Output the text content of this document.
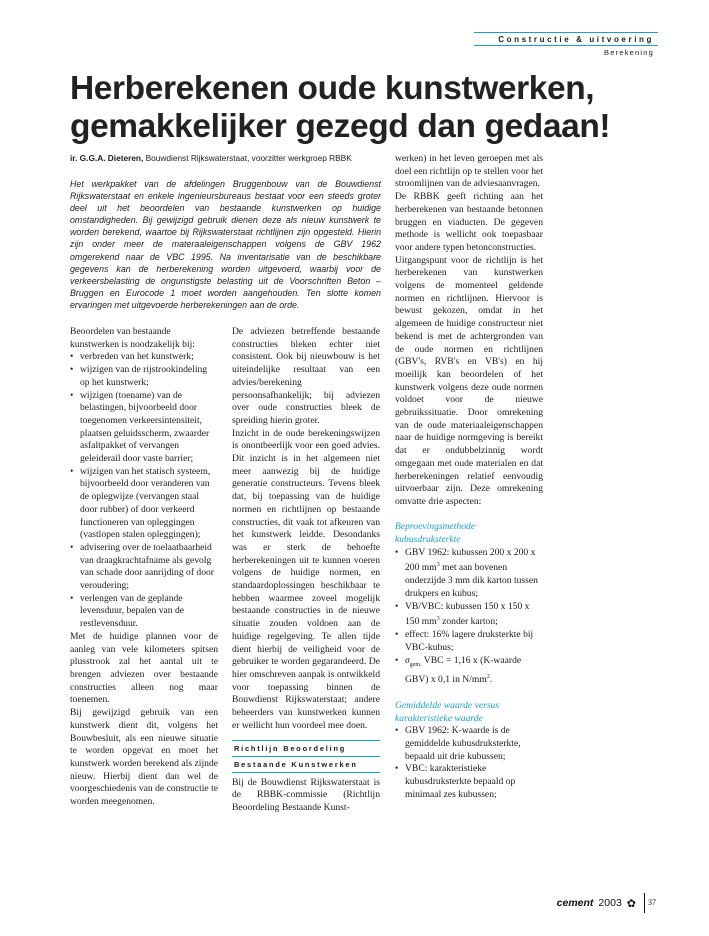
Constructie & uitvoering
Berekening
Herberekenen oude kunstwerken,
gemakkelijker gezegd dan gedaan!
ir. G.G.A. Dieteren, Bouwdienst Rijkswaterstaat, voorzitter werkgroep RBBK
Het werkpakket van de afdelingen Bruggenbouw van de Bouwdienst Rijkswaterstaat en enkele ingenieursbureaus bestaat voor een steeds groter deel uit het beoordelen van bestaande kunstwerken op huidige omstandigheden. Bij gewijzigd gebruik dienen deze als nieuw kunstwerk te worden berekend, waartoe bij Rijkswaterstaat richtlijnen zijn opgesteld. Hierin zijn onder meer de materaaleigenschappen volgens de GBV 1962 omgerekend naar de VBC 1995. Na inventarisatie van de beschikbare gegevens kan de herberekening worden uitgevoerd, waarbij voor de verkeersbelasting de ongunstigste belasting uit de Voorschriften Beton – Bruggen en Eurocode 1 moet worden aangehouden. Ten slotte komen ervaringen met uitgevoerde herberekeningen aan de orde.

Beoordelen van bestaande kunstwerken is noodzakelijk bij:

• verbreden van het kunstwerk;
• wijzigen van de rijstrookindeling op het kunstwerk;
• wijzigen (toename) van de belastingen, bijvoorbeeld door toegenomen verkeersintensiteit, plaatsen geluidsscherm, zwaarder asfaltpakket of vervangen geleiderail door vaste barrier;
• wijzigen van het statisch systeem, bijvoorbeeld door veranderen van de oplegwijze (vervangen staal door rubber) of door verkeerd functioneren van opleggingen (vastlopen stalen opleggingen);
• advisering over de toelaatbaarheid van draagkrachtafname als gevolg van schade door aanrijding of door veroudering;
• verlengen van de geplande levensduur, bepalen van de restlevensduur.

Met de huidige plannen voor de aanleg van vele kilometers spitsen plusstrook zal het aantal uit te brengen adviezen over bestaande constructies alleen nog maar toenemen.

Bij gewijzigd gebruik van een kunstwerk dient dit, volgens het Bouwbesluit, als een nieuwe situatie te worden opgevat en moet het kunstwerk worden berekend als zijnde nieuw. Hierbij dient dan wel de voorgeschiedenis van de constructie te worden meegenomen.

De adviezen betreffende bestaande constructies bleken echter niet consistent. Ook bij nieuwbouw is het uiteindelijke resultaat van een advies/berekening persoonsafhankelijk; bij adviezen over oude constructies bleek de spreiding hierin groter.

Inzicht in de oude berekeningswijzen is onontbeerlijk voor een goed advies. Dit inzicht is in het algemeen niet meer aanwezig bij de huidige generatie constructeurs. Tevens bleek dat, bij toepassing van de huidige normen en richtlijnen op bestaande constructies, dit vaak tot afkeuren van het kunstwerk leidde. Desondanks was er sterk de behoefte herberekeningen uit te kunnen voeren volgens de huidige normen, en standaardoplossingen beschikbaar te hebben waarmee zoveel mogelijk bestaande constructies in de nieuwe situatie zouden voldoen aan de huidige regelgeving. Te allen tijde dient hierbij de veiligheid voor de gebruiker te worden gegarandeerd. De hier omschreven aanpak is ontwikkeld voor toepassing binnen de Bouwdienst Rijkswaterstaat; andere beheerders van kunstwerken kunnen er wellicht hun voordeel mee doen.

Richtlijn Beoordeling
Bestaande Kunstwerken

Bij de Bouwdienst Rijkswaterstaat is de RBBK-commissie (Richtlijn Beoordeling Bestaande Kunst-

werken) in het leven geroepen met als doel een richtlijn op te stellen voor het stroomlijnen van de adviesaanvragen.

De RBBK geeft richting aan het herberekenen van bestaande betonnen bruggen en viaducten. De gegeven methode is wellicht ook toepasbaar voor andere typen betonconstructies.

Uitgangspunt voor de richtlijn is het herberekenen van kunstwerken volgens de momenteel geldende normen en richtlijnen. Hiervoor is bewust gekozen, omdat in het algemeen de huidige constructeur niet bekend is met de achtergronden van de oude normen en richtlijnen (GBV's, RVB's en VB's) en hij moeilijk kan beoordelen of het kunstwerk volgens deze oude normen voldoet voor de nieuwe gebruikssituatie. Door omrekening van de oude materiaaleigenschappen naar de huidige normgeving is bereikt dat er ondubbelzinnig wordt omgegaan met oude materialen en dat herberekeningen relatief eenvoudig uitvoerbaar zijn. Deze omrekening omvatte drie aspecten:

Beproevingsmethode kubusdruksterkte

• GBV 1962: kubussen 200 x 200 x 200 $mm^3$ met aan bovenen onderzijde 3 mm dik karton tussen drukpers en kubus;
• VB/VBC: kubussen 150 x 150 x 150 $mm^3$ zonder karton;
• effect: 16% lagere druksterkte bij VBC-kubus;
• $\sigma_{gem.}$ VBC = 1,16 x (K-waarde GBV) x 0,1 in $N/mm^2$.

Gemiddelde waarde versus
karakteristieke waarde

• GBV 1962: K-waarde is de gemiddelde kubusdruksterkte, bepaald uit drie kubussen;
• VBC: karakteristieke kubusdruksterkte bepaald op minimaal zes kubussen;
cement 2003 ✿ 37
